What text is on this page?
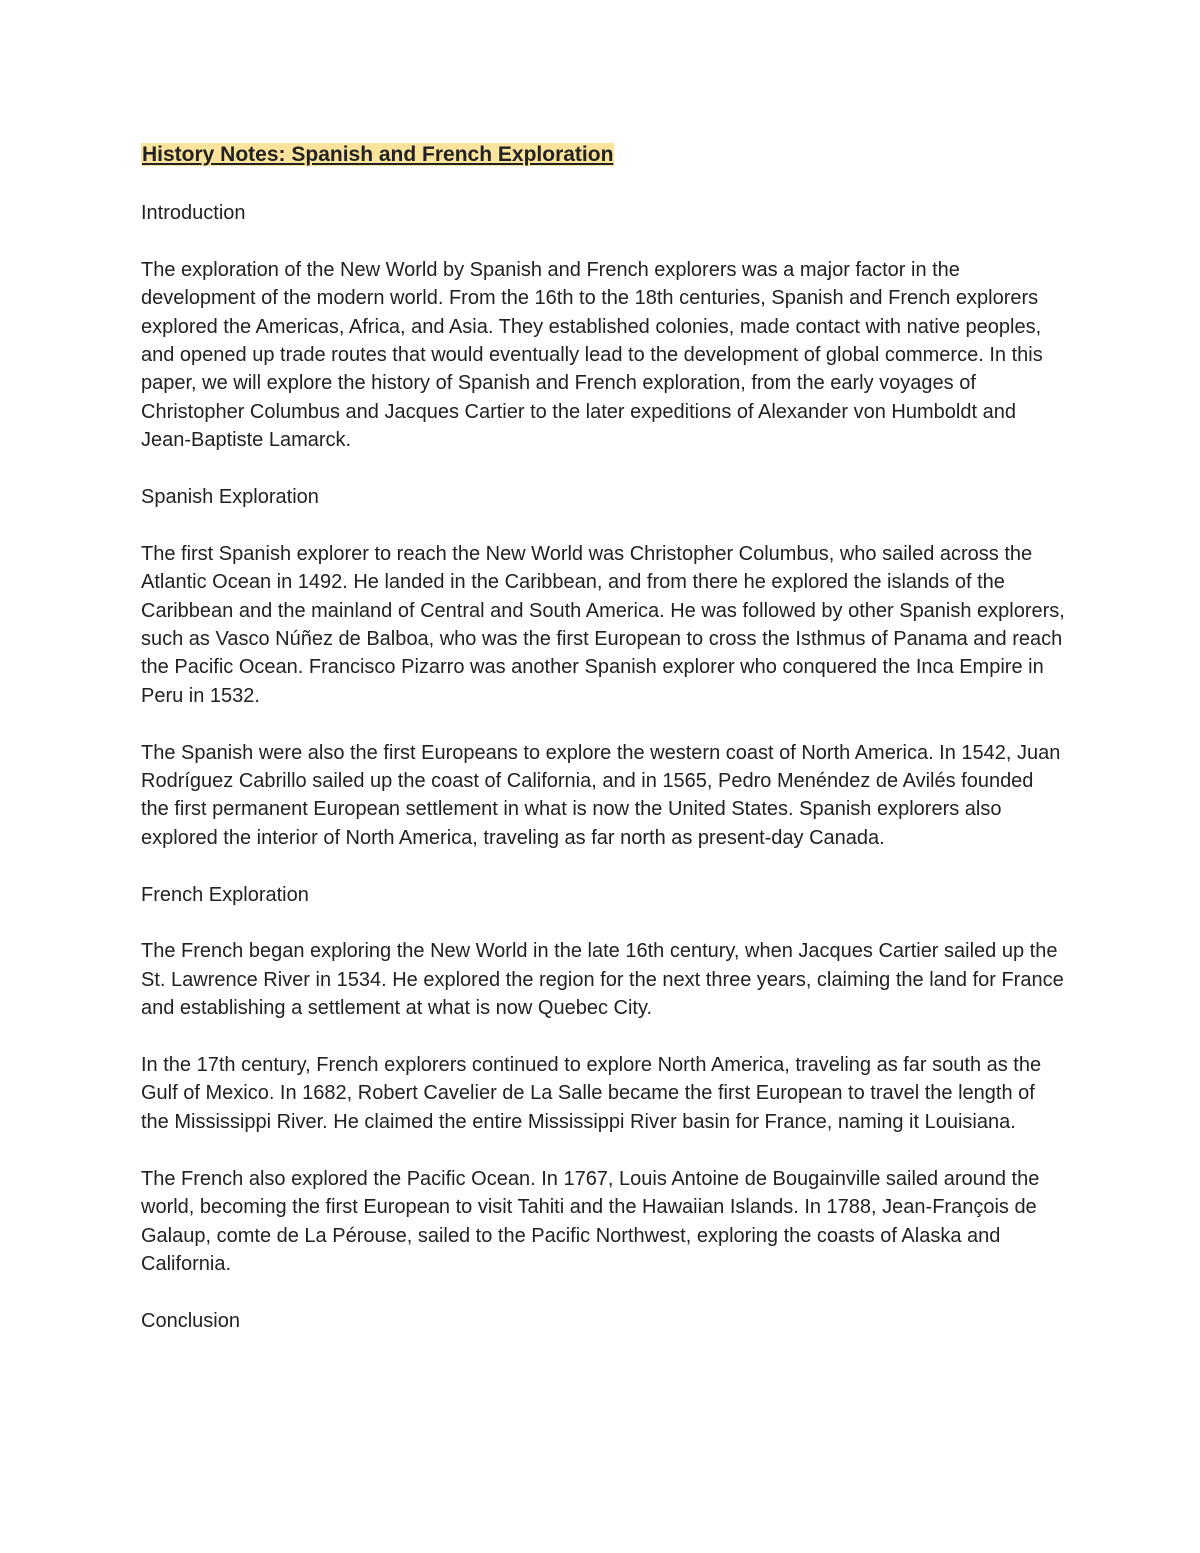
History Notes: Spanish and French Exploration
Introduction
The exploration of the New World by Spanish and French explorers was a major factor in the development of the modern world. From the 16th to the 18th centuries, Spanish and French explorers explored the Americas, Africa, and Asia. They established colonies, made contact with native peoples, and opened up trade routes that would eventually lead to the development of global commerce. In this paper, we will explore the history of Spanish and French exploration, from the early voyages of Christopher Columbus and Jacques Cartier to the later expeditions of Alexander von Humboldt and Jean-Baptiste Lamarck.
Spanish Exploration
The first Spanish explorer to reach the New World was Christopher Columbus, who sailed across the Atlantic Ocean in 1492. He landed in the Caribbean, and from there he explored the islands of the Caribbean and the mainland of Central and South America. He was followed by other Spanish explorers, such as Vasco Núñez de Balboa, who was the first European to cross the Isthmus of Panama and reach the Pacific Ocean. Francisco Pizarro was another Spanish explorer who conquered the Inca Empire in Peru in 1532.
The Spanish were also the first Europeans to explore the western coast of North America. In 1542, Juan Rodríguez Cabrillo sailed up the coast of California, and in 1565, Pedro Menéndez de Avilés founded the first permanent European settlement in what is now the United States. Spanish explorers also explored the interior of North America, traveling as far north as present-day Canada.
French Exploration
The French began exploring the New World in the late 16th century, when Jacques Cartier sailed up the St. Lawrence River in 1534. He explored the region for the next three years, claiming the land for France and establishing a settlement at what is now Quebec City.
In the 17th century, French explorers continued to explore North America, traveling as far south as the Gulf of Mexico. In 1682, Robert Cavelier de La Salle became the first European to travel the length of the Mississippi River. He claimed the entire Mississippi River basin for France, naming it Louisiana.
The French also explored the Pacific Ocean. In 1767, Louis Antoine de Bougainville sailed around the world, becoming the first European to visit Tahiti and the Hawaiian Islands. In 1788, Jean-François de Galaup, comte de La Pérouse, sailed to the Pacific Northwest, exploring the coasts of Alaska and California.
Conclusion
